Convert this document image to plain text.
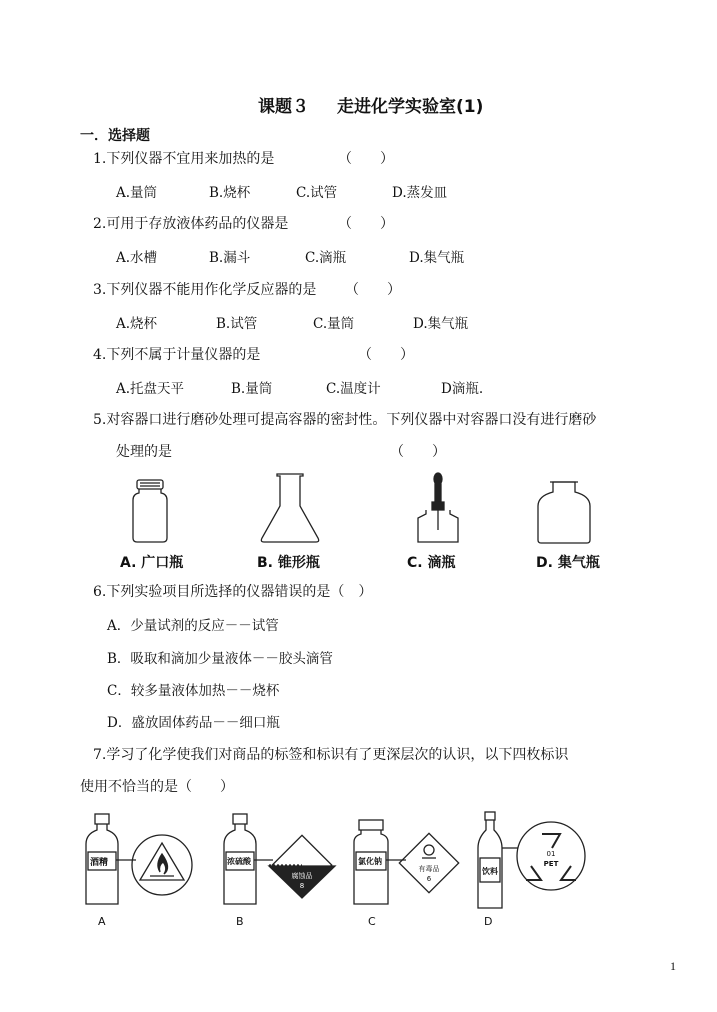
课题３ 走进化学实验室(1)
一．选择题
1.下列仪器不宜用来加热的是	（　　）
A.量筒	B.烧杯	C.试管	D.蒸发皿
2.可用于存放液体药品的仪器是	（　　）
A.水槽	B.漏斗	C.滴瓶	D.集气瓶
3.下列仪器不能用作化学反应器的是 （　　）
A.烧杯	B.试管	C.量筒	D.集气瓶
4.下列不属于计量仪器的是	（　　）
A.托盘天平	B.量筒	C.温度计	D滴瓶.
5.对容器口进行磨砂处理可提高容器的密封性。下列仪器中对容器口没有进行磨砂
处理的是	（　　）
A. 广口瓶	B. 锥形瓶	C. 滴瓶	D. 集气瓶
6.下列实验项目所选择的仪器错误的是（　）
A．少量试剂的反应－－试管
B．吸取和滴加少量液体－－胶头滴管
C．较多量液体加热－－烧杯
D．盛放固体药品－－细口瓶
7.学习了化学使我们对商品的标签和标识有了更深层次的认识，以下四枚标识
使用不恰当的是（　　）
酒精	浓硫酸	氯化钠
饮料
腐蚀品
8
有毒品
6
01
PET
A	B	C	D
1
